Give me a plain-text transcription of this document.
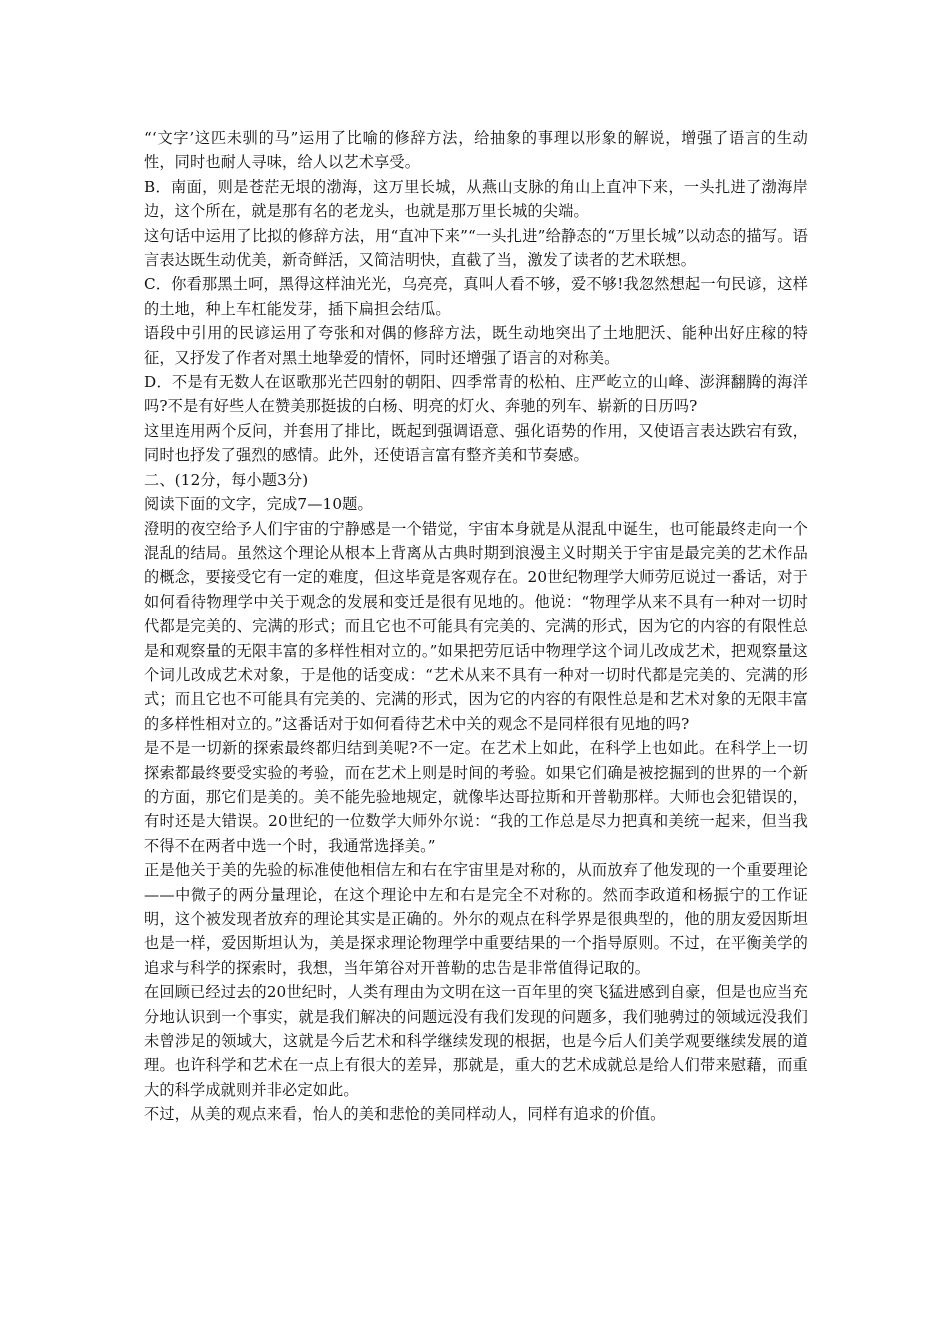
“‘文字’这匹未驯的马”运用了比喻的修辞方法，给抽象的事理以形象的解说，增强了语言的生动性，同时也耐人寻味，给人以艺术享受。

B．南面，则是苍茫无垠的渤海，这万里长城，从燕山支脉的角山上直冲下来，一头扎进了渤海岸边，这个所在，就是那有名的老龙头，也就是那万里长城的尖端。

这句话中运用了比拟的修辞方法，用“直冲下来”“一头扎进”给静态的“万里长城”以动态的描写。语言表达既生动优美，新奇鲜活，又简洁明快，直截了当，激发了读者的艺术联想。

C．你看那黑土呵，黑得这样油光光，乌亮亮，真叫人看不够，爱不够!我忽然想起一句民谚，这样的土地，种上车杠能发芽，插下扁担会结瓜。

语段中引用的民谚运用了夸张和对偶的修辞方法，既生动地突出了土地肥沃、能种出好庄稼的特征，又抒发了作者对黑土地挚爱的情怀，同时还增强了语言的对称美。

D．不是有无数人在讴歌那光芒四射的朝阳、四季常青的松柏、庄严屹立的山峰、澎湃翻腾的海洋吗?不是有好些人在赞美那挺拔的白杨、明亮的灯火、奔驰的列车、崭新的日历吗?

这里连用两个反问，并套用了排比，既起到强调语意、强化语势的作用，又使语言表达跌宕有致，同时也抒发了强烈的感情。此外，还使语言富有整齐美和节奏感。

二、(12分，每小题3分)

阅读下面的文字，完成7—10题。

澄明的夜空给予人们宇宙的宁静感是一个错觉，宇宙本身就是从混乱中诞生，也可能最终走向一个混乱的结局。虽然这个理论从根本上背离从古典时期到浪漫主义时期关于宇宙是最完美的艺术作品的概念，要接受它有一定的难度，但这毕竟是客观存在。20世纪物理学大师劳厄说过一番话，对于如何看待物理学中关于观念的发展和变迁是很有见地的。他说：“物理学从来不具有一种对一切时代都是完美的、完满的形式；而且它也不可能具有完美的、完满的形式，因为它的内容的有限性总是和观察量的无限丰富的多样性相对立的。”如果把劳厄话中物理学这个词儿改成艺术，把观察量这个词儿改成艺术对象，于是他的话变成：“艺术从来不具有一种对一切时代都是完美的、完满的形式；而且它也不可能具有完美的、完满的形式，因为它的内容的有限性总是和艺术对象的无限丰富的多样性相对立的。”这番话对于如何看待艺术中关的观念不是同样很有见地的吗?

是不是一切新的探索最终都归结到美呢?不一定。在艺术上如此，在科学上也如此。在科学上一切探索都最终要受实验的考验，而在艺术上则是时间的考验。如果它们确是被挖掘到的世界的一个新的方面，那它们是美的。美不能先验地规定，就像毕达哥拉斯和开普勒那样。大师也会犯错误的，有时还是大错误。20世纪的一位数学大师外尔说：“我的工作总是尽力把真和美统一起来，但当我不得不在两者中选一个时，我通常选择美。”

正是他关于美的先验的标准使他相信左和右在宇宙里是对称的，从而放弃了他发现的一个重要理论——中微子的两分量理论，在这个理论中左和右是完全不对称的。然而李政道和杨振宁的工作证明，这个被发现者放弃的理论其实是正确的。外尔的观点在科学界是很典型的，他的朋友爱因斯坦也是一样，爱因斯坦认为，美是探求理论物理学中重要结果的一个指导原则。不过，在平衡美学的追求与科学的探索时，我想，当年第谷对开普勒的忠告是非常值得记取的。

在回顾已经过去的20世纪时，人类有理由为文明在这一百年里的突飞猛进感到自豪，但是也应当充分地认识到一个事实，就是我们解决的问题远没有我们发现的问题多，我们驰骋过的领域远没我们未曾涉足的领域大，这就是今后艺术和科学继续发现的根据，也是今后人们美学观要继续发展的道理。也许科学和艺术在一点上有很大的差异，那就是，重大的艺术成就总是给人们带来慰藉，而重大的科学成就则并非必定如此。

不过，从美的观点来看，怡人的美和悲怆的美同样动人，同样有追求的价值。
